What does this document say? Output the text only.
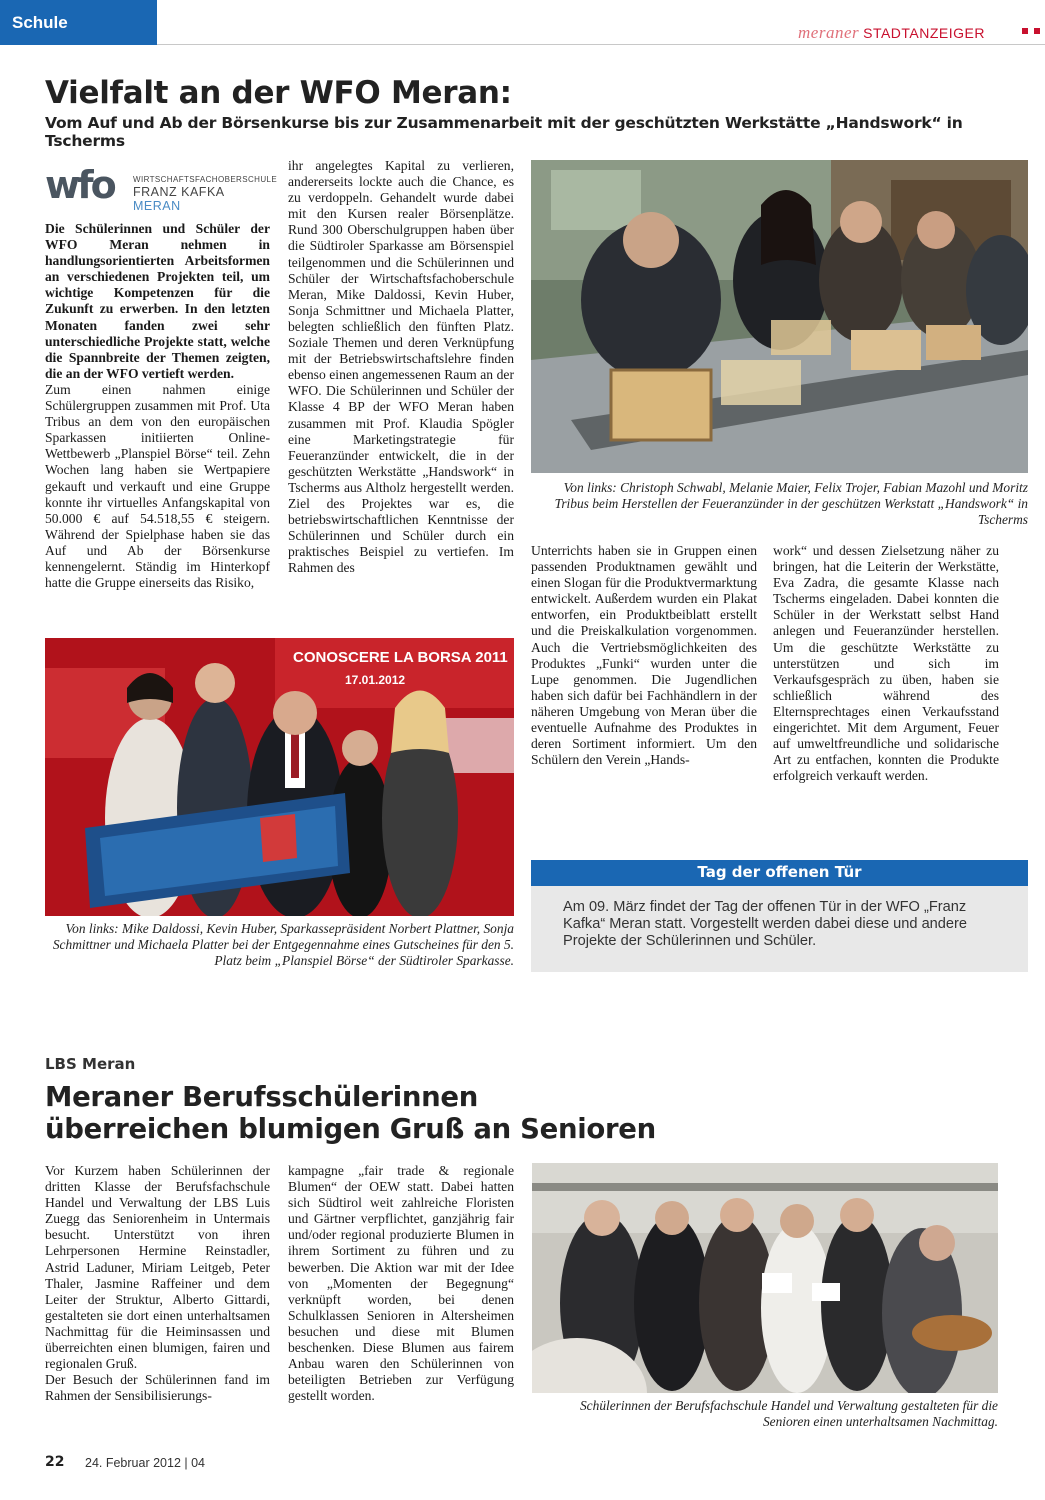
Schule
meraner STADTANZEIGER
Vielfalt an der WFO Meran:
Vom Auf und Ab der Börsenkurse bis zur Zusammenarbeit mit der geschützten Werkstätte „Handswork“ in Tscherms
wfo WIRTSCHAFTSFACHOBERSCHULE
FRANZ KAFKA MERAN

Die Schülerinnen und Schüler der WFO Meran nehmen in handlungsorientierten Arbeitsformen an verschiedenen Projekten teil, um wichtige Kompetenzen für die Zukunft zu erwerben. In den letzten Monaten fanden zwei sehr unterschiedliche Projekte statt, welche die Spannbreite der Themen zeigten, die an der WFO vertieft werden.

Zum einen nahmen einige Schülergruppen zusammen mit Prof. Uta Tribus an dem von den europäischen Sparkassen initiierten Online-Wettbewerb „Planspiel Börse“ teil. Zehn Wochen lang haben sie Wertpapiere gekauft und verkauft und eine Gruppe konnte ihr virtuelles Anfangskapital von 50.000 € auf 54.518,55 € steigern. Während der Spielphase haben sie das Auf und Ab der Börsenkurse kennengelernt. Ständig im Hinterkopf hatte die Gruppe einerseits das Risiko,

ihr angelegtes Kapital zu verlieren, andererseits lockte auch die Chance, es zu verdoppeln. Gehandelt wurde dabei mit den Kursen realer Börsenplätze. Rund 300 Oberschulgruppen haben über die Südtiroler Sparkasse am Börsenspiel teilgenommen und die Schülerinnen und Schüler der Wirtschaftsfachoberschule Meran, Mike Daldossi, Kevin Huber, Sonja Schmittner und Michaela Platter, belegten schließlich den fünften Platz. Soziale Themen und deren Verknüpfung mit der Betriebswirtschaftslehre finden ebenso einen angemessenen Raum an der WFO. Die Schülerinnen und Schüler der Klasse 4 BP der WFO Meran haben zusammen mit Prof. Klaudia Spögler eine Marketingstrategie für Feueranzünder entwickelt, die in der geschützten Werkstätte „Handswork“ in Tscherms aus Altholz hergestellt werden. Ziel des Projektes war es, die betriebswirtschaftlichen Kenntnisse der Schülerinnen und Schüler durch ein praktisches Beispiel zu vertiefen. Im Rahmen des

Von links: Christoph Schwabl, Melanie Maier, Felix Trojer, Fabian Mazohl und Moritz Tribus beim Herstellen der Feueranzünder in der geschützen Werkstatt „Handswork“ in Tscherms

Unterrichts haben sie in Gruppen einen passenden Produktnamen gewählt und einen Slogan für die Produktvermarktung entwickelt. Außerdem wurden ein Plakat entworfen, ein Produktbeiblatt erstellt und die Preiskalkulation vorgenommen. Auch die Vertriebsmöglichkeiten des Produktes „Funki“ wurden unter die Lupe genommen. Die Jugendlichen haben sich dafür bei Fachhändlern in der näheren Umgebung von Meran über die eventuelle Aufnahme des Produktes in deren Sortiment informiert. Um den Schülern den Verein „Hands-

work“ und dessen Zielsetzung näher zu bringen, hat die Leiterin der Werkstätte, Eva Zadra, die gesamte Klasse nach Tscherms eingeladen. Dabei konnten die Schüler in der Werkstatt selbst Hand anlegen und Feueranzünder herstellen. Um die geschützte Werkstätte zu unterstützen und sich im Verkaufsgespräch zu üben, haben sie schließlich während des Elternsprechtages einen Verkaufsstand eingerichtet. Mit dem Argument, Feuer auf umweltfreundliche und solidarische Art zu entfachen, konnten die Produkte erfolgreich verkauft werden.

CONOSCERE LA BORSA 2011
17.01.2012
Von links: Mike Daldossi, Kevin Huber, Sparkassepräsident Norbert Plattner, Sonja Schmittner und Michaela Platter bei der Entgegennahme eines Gutscheines für den 5. Platz beim „Planspiel Börse“ der Südtiroler Sparkasse.
Tag der offenen Tür
Am 09. März findet der Tag der offenen Tür in der WFO „Franz Kafka“ Meran statt. Vorgestellt werden dabei diese und andere Projekte der Schülerinnen und Schüler.
LBS Meran
Meraner Berufsschülerinnen
überreichen blumigen Gruß an Senioren

Vor Kurzem haben Schülerinnen der dritten Klasse der Berufsfachschule Handel und Verwaltung der LBS Luis Zuegg das Seniorenheim in Untermais besucht. Unterstützt von ihren Lehrpersonen Hermine Reinstadler, Astrid Laduner, Miriam Leitgeb, Peter Thaler, Jasmine Raffeiner und dem Leiter der Struktur, Alberto Gittardi, gestalteten sie dort einen unterhaltsamen Nachmittag für die Heiminsassen und überreichten einen blumigen, fairen und regionalen Gruß.

Der Besuch der Schülerinnen fand im Rahmen der Sensibilisierungs-

kampagne „fair trade & regionale Blumen“ der OEW statt. Dabei hatten sich Südtirol weit zahlreiche Floristen und Gärtner verpflichtet, ganzjährig fair und/oder regional produzierte Blumen in ihrem Sortiment zu führen und zu bewerben. Die Aktion war mit der Idee von „Momenten der Begegnung“ verknüpft worden, bei denen Schulklassen Senioren in Altersheimen besuchen und diese mit Blumen beschenken. Diese Blumen aus fairem Anbau waren den Schülerinnen von beteiligten Betrieben zur Verfügung gestellt worden.

Schülerinnen der Berufsfachschule Handel und Verwaltung gestalteten für die Senioren einen unterhaltsamen Nachmittag.
22 24. Februar 2012 | 04
